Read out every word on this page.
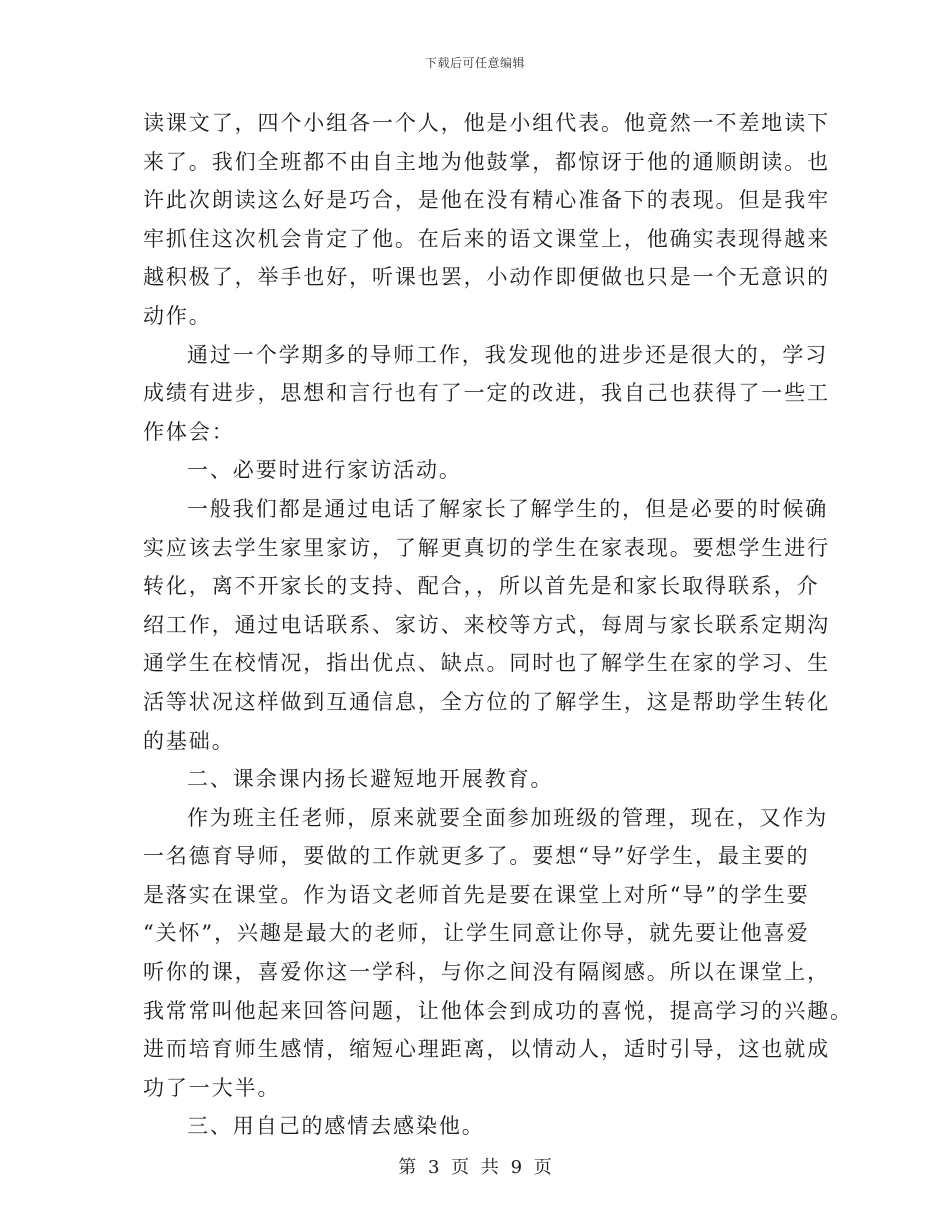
下载后可任意编辑
读课文了，四个小组各一个人，他是小组代表。他竟然一不差地读下
来了。我们全班都不由自主地为他鼓掌，都惊讶于他的通顺朗读。也
许此次朗读这么好是巧合，是他在没有精心准备下的表现。但是我牢
牢抓住这次机会肯定了他。在后来的语文课堂上，他确实表现得越来
越积极了，举手也好，听课也罢，小动作即便做也只是一个无意识的
动作。
通过一个学期多的导师工作，我发现他的进步还是很大的，学习
成绩有进步，思想和言行也有了一定的改进，我自己也获得了一些工
作体会：
一、必要时进行家访活动。
一般我们都是通过电话了解家长了解学生的，但是必要的时候确
实应该去学生家里家访，了解更真切的学生在家表现。要想学生进行
转化，离不开家长的支持、配合，，所以首先是和家长取得联系，介
绍工作，通过电话联系、家访、来校等方式，每周与家长联系定期沟
通学生在校情况，指出优点、缺点。同时也了解学生在家的学习、生
活等状况这样做到互通信息，全方位的了解学生，这是帮助学生转化
的基础。
二、课余课内扬长避短地开展教育。
作为班主任老师，原来就要全面参加班级的管理，现在，又作为
一名德育导师，要做的工作就更多了。要想“导”好学生，最主要的
是落实在课堂。作为语文老师首先是要在课堂上对所“导”的学生要
“关怀”，兴趣是最大的老师，让学生同意让你导，就先要让他喜爱
听你的课，喜爱你这一学科，与你之间没有隔阂感。所以在课堂上，
我常常叫他起来回答问题，让他体会到成功的喜悦，提高学习的兴趣。
进而培育师生感情，缩短心理距离，以情动人，适时引导，这也就成
功了一大半。
三、用自己的感情去感染他。
第 3 页 共 9 页
